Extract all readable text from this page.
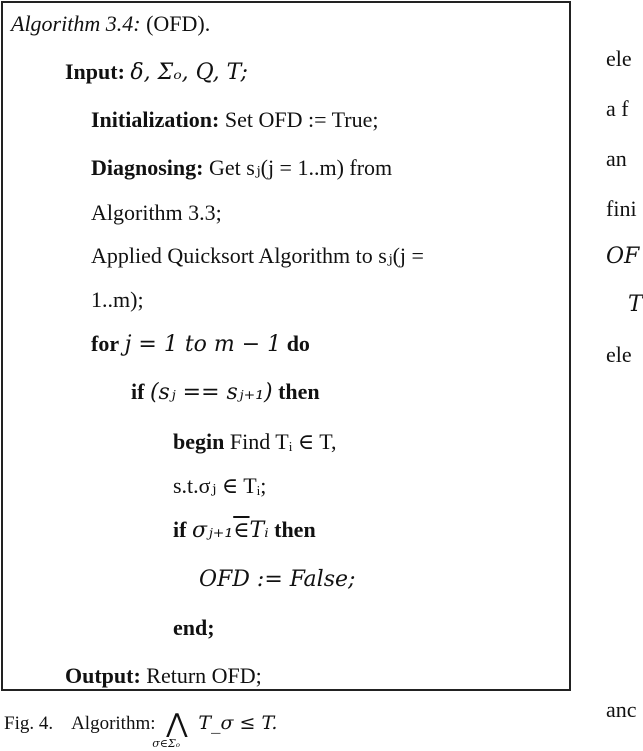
Algorithm 3.4: (OFD).
Input: δ, Σₒ, Q, T;
Initialization: Set OFD := True;
Diagnosing: Get sⱼ(j = 1..m) from
Algorithm 3.3;
Applied Quicksort Algorithm to sⱼ(j =
1..m);
for j = 1 to m − 1 do
if (sⱼ == sⱼ₊₁) then
begin Find Tᵢ ∈ T,
s.t.σⱼ ∈ Tᵢ;
if σⱼ₊₁∈Tᵢ then
OFD := False;
end;
Output: Return OFD;
Fig. 4. Algorithm: ⋀
σ∈Σₒ
T_σ ≤ T.
ele
a f
an
fini
OF
T
ele
anc
